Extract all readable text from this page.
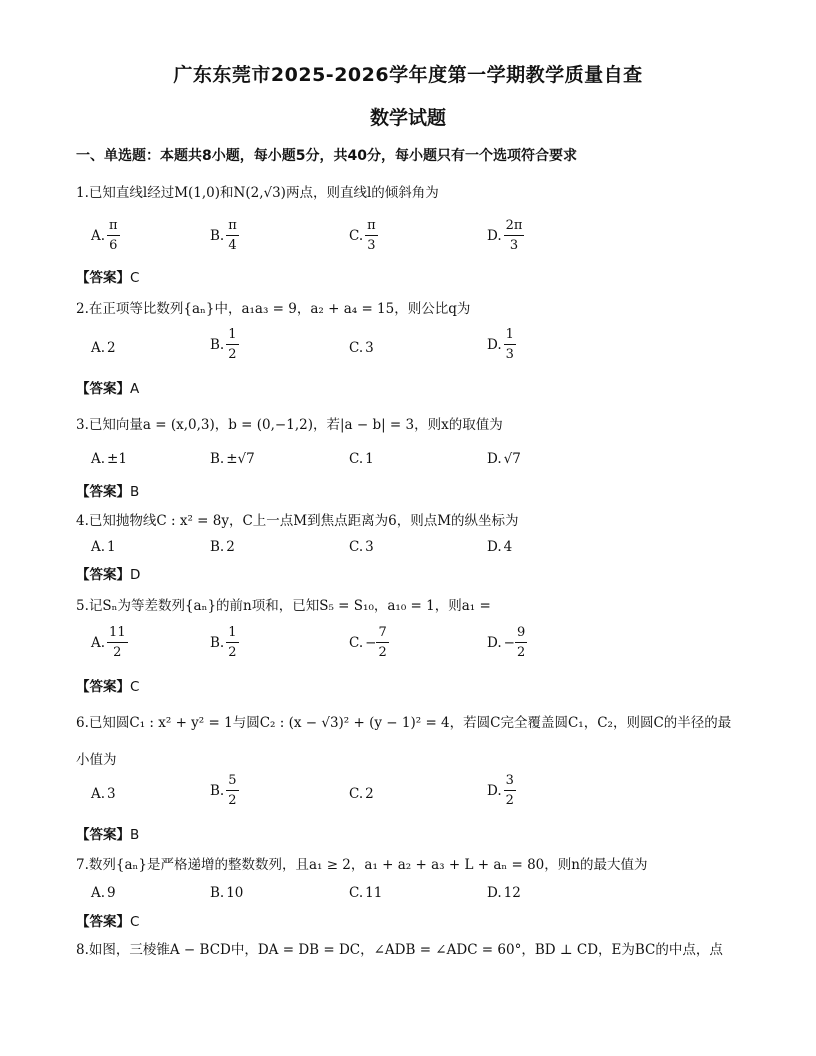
广东东莞市2025-2026学年度第一学期教学质量自查
数学试题
一、单选题：本题共8小题，每小题5分，共40分，每小题只有一个选项符合要求
1.已知直线l经过M(1,0)和N(2,√3)两点，则直线l的倾斜角为
A. $\frac{\pi}{6}$	B. $\frac{\pi}{4}$	C. $\frac{\pi}{3}$	D. $\frac{2\pi}{3}$
【答案】C
2.在正项等比数列{aₙ}中，a₁a₃ = 9，a₂ + a₄ = 15，则公比q为
A. 2	B. $\frac{1}{2}$	C. 3	D. $\frac{1}{3}$
【答案】A
3.已知向量a = (x,0,3)，b = (0,−1,2)，若|a − b| = 3，则x的取值为
A. ±1	B. ±√7	C. 1	D. √7
【答案】B
4.已知抛物线C : x² = 8y，C上一点M到焦点距离为6，则点M的纵坐标为
A. 1	B. 2	C. 3	D. 4
【答案】D
5.记Sₙ为等差数列{aₙ}的前n项和，已知S₅ = S₁₀，a₁₀ = 1，则a₁ =
A. $\frac{11}{2}$	B. $\frac{1}{2}$	C. − $\frac{7}{2}$	D. − $\frac{9}{2}$
【答案】C
6.已知圆C₁ : x² + y² = 1与圆C₂ : (x − √3)² + (y − 1)² = 4，若圆C完全覆盖圆C₁，C₂，则圆C的半径的最
小值为
A. 3	B. $\frac{5}{2}$	C. 2	D. $\frac{3}{2}$
【答案】B
7.数列{aₙ}是严格递增的整数数列，且a₁ ≥ 2，a₁ + a₂ + a₃ + L + aₙ = 80，则n的最大值为
A. 9	B. 10	C. 11	D. 12
【答案】C
8.如图，三棱锥A − BCD中，DA = DB = DC，∠ADB = ∠ADC = 60°，BD ⊥ CD，E为BC的中点，点
